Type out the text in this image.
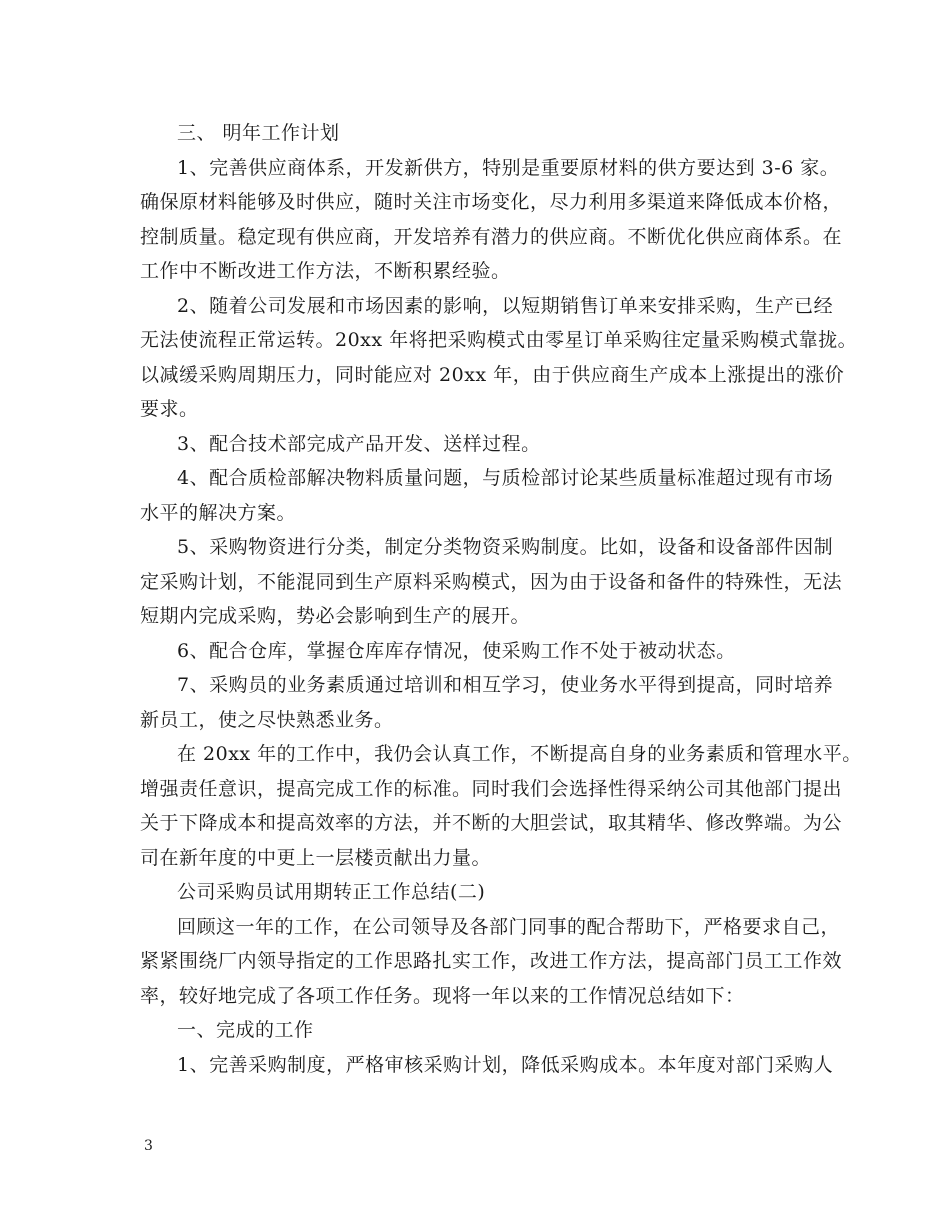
三、 明年工作计划
1、完善供应商体系，开发新供方，特别是重要原材料的供方要达到 3-6 家。
确保原材料能够及时供应，随时关注市场变化，尽力利用多渠道来降低成本价格，
控制质量。稳定现有供应商，开发培养有潜力的供应商。不断优化供应商体系。在
工作中不断改进工作方法，不断积累经验。
2、随着公司发展和市场因素的影响，以短期销售订单来安排采购，生产已经
无法使流程正常运转。20xx 年将把采购模式由零星订单采购往定量采购模式靠拢。
以减缓采购周期压力，同时能应对 20xx 年，由于供应商生产成本上涨提出的涨价
要求。
3、配合技术部完成产品开发、送样过程。
4、配合质检部解决物料质量问题，与质检部讨论某些质量标准超过现有市场
水平的解决方案。
5、采购物资进行分类，制定分类物资采购制度。比如，设备和设备部件因制
定采购计划，不能混同到生产原料采购模式，因为由于设备和备件的特殊性，无法
短期内完成采购，势必会影响到生产的展开。
6、配合仓库，掌握仓库库存情况，使采购工作不处于被动状态。
7、采购员的业务素质通过培训和相互学习，使业务水平得到提高，同时培养
新员工，使之尽快熟悉业务。
在 20xx 年的工作中，我仍会认真工作，不断提高自身的业务素质和管理水平。
增强责任意识，提高完成工作的标准。同时我们会选择性得采纳公司其他部门提出
关于下降成本和提高效率的方法，并不断的大胆尝试，取其精华、修改弊端。为公
司在新年度的中更上一层楼贡献出力量。
公司采购员试用期转正工作总结(二)
回顾这一年的工作，在公司领导及各部门同事的配合帮助下，严格要求自己，
紧紧围绕厂内领导指定的工作思路扎实工作，改进工作方法，提高部门员工工作效
率，较好地完成了各项工作任务。现将一年以来的工作情况总结如下：
一、完成的工作
1、完善采购制度，严格审核采购计划，降低采购成本。本年度对部门采购人
3
